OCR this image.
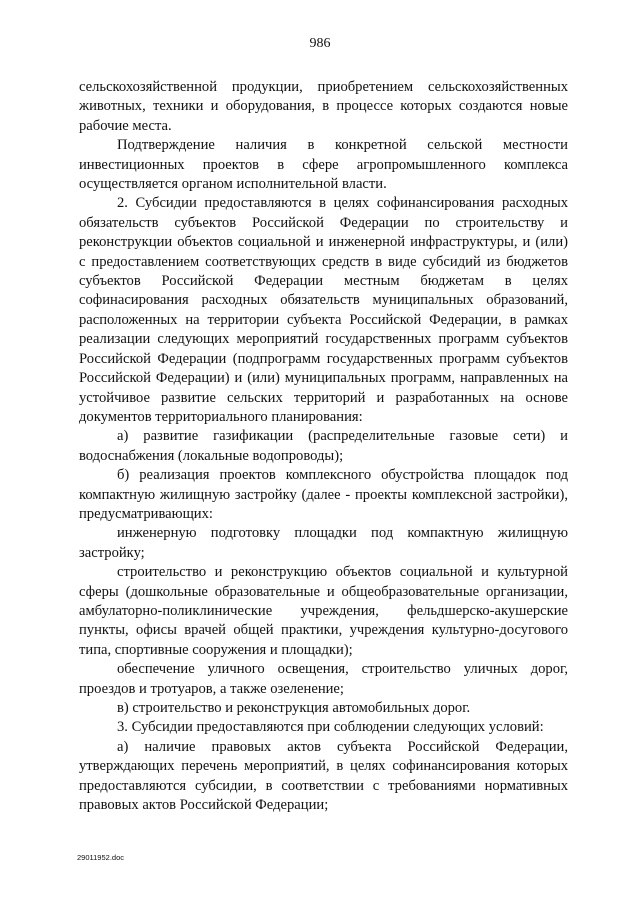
986

сельскохозяйственной продукции, приобретением сельскохозяйственных животных, техники и оборудования, в процессе которых создаются новые рабочие места.

Подтверждение наличия в конкретной сельской местности инвестиционных проектов в сфере агропромышленного комплекса осуществляется органом исполнительной власти.

2. Субсидии предоставляются в целях софинансирования расходных обязательств субъектов Российской Федерации по строительству и реконструкции объектов социальной и инженерной инфраструктуры, и (или) с предоставлением соответствующих средств в виде субсидий из бюджетов субъектов Российской Федерации местным бюджетам в целях софинасирования расходных обязательств муниципальных образований, расположенных на территории субъекта Российской Федерации, в рамках реализации следующих мероприятий государственных программ субъектов Российской Федерации (подпрограмм государственных программ субъектов Российской Федерации) и (или) муниципальных программ, направленных на устойчивое развитие сельских территорий и разработанных на основе документов территориального планирования:

а) развитие газификации (распределительные газовые сети) и водоснабжения (локальные водопроводы);

б) реализация проектов комплексного обустройства площадок под компактную жилищную застройку (далее - проекты комплексной застройки), предусматривающих:

инженерную подготовку площадки под компактную жилищную застройку;

строительство и реконструкцию объектов социальной и культурной сферы (дошкольные образовательные и общеобразовательные организации, амбулаторно-поликлинические учреждения, фельдшерско-акушерские пункты, офисы врачей общей практики, учреждения культурно-досугового типа, спортивные сооружения и площадки);

обеспечение уличного освещения, строительство уличных дорог, проездов и тротуаров, а также озеленение;

в) строительство и реконструкция автомобильных дорог.

3. Субсидии предоставляются при соблюдении следующих условий:

а) наличие правовых актов субъекта Российской Федерации, утверждающих перечень мероприятий, в целях софинансирования которых предоставляются субсидии, в соответствии с требованиями нормативных правовых актов Российской Федерации;

29011952.doc
